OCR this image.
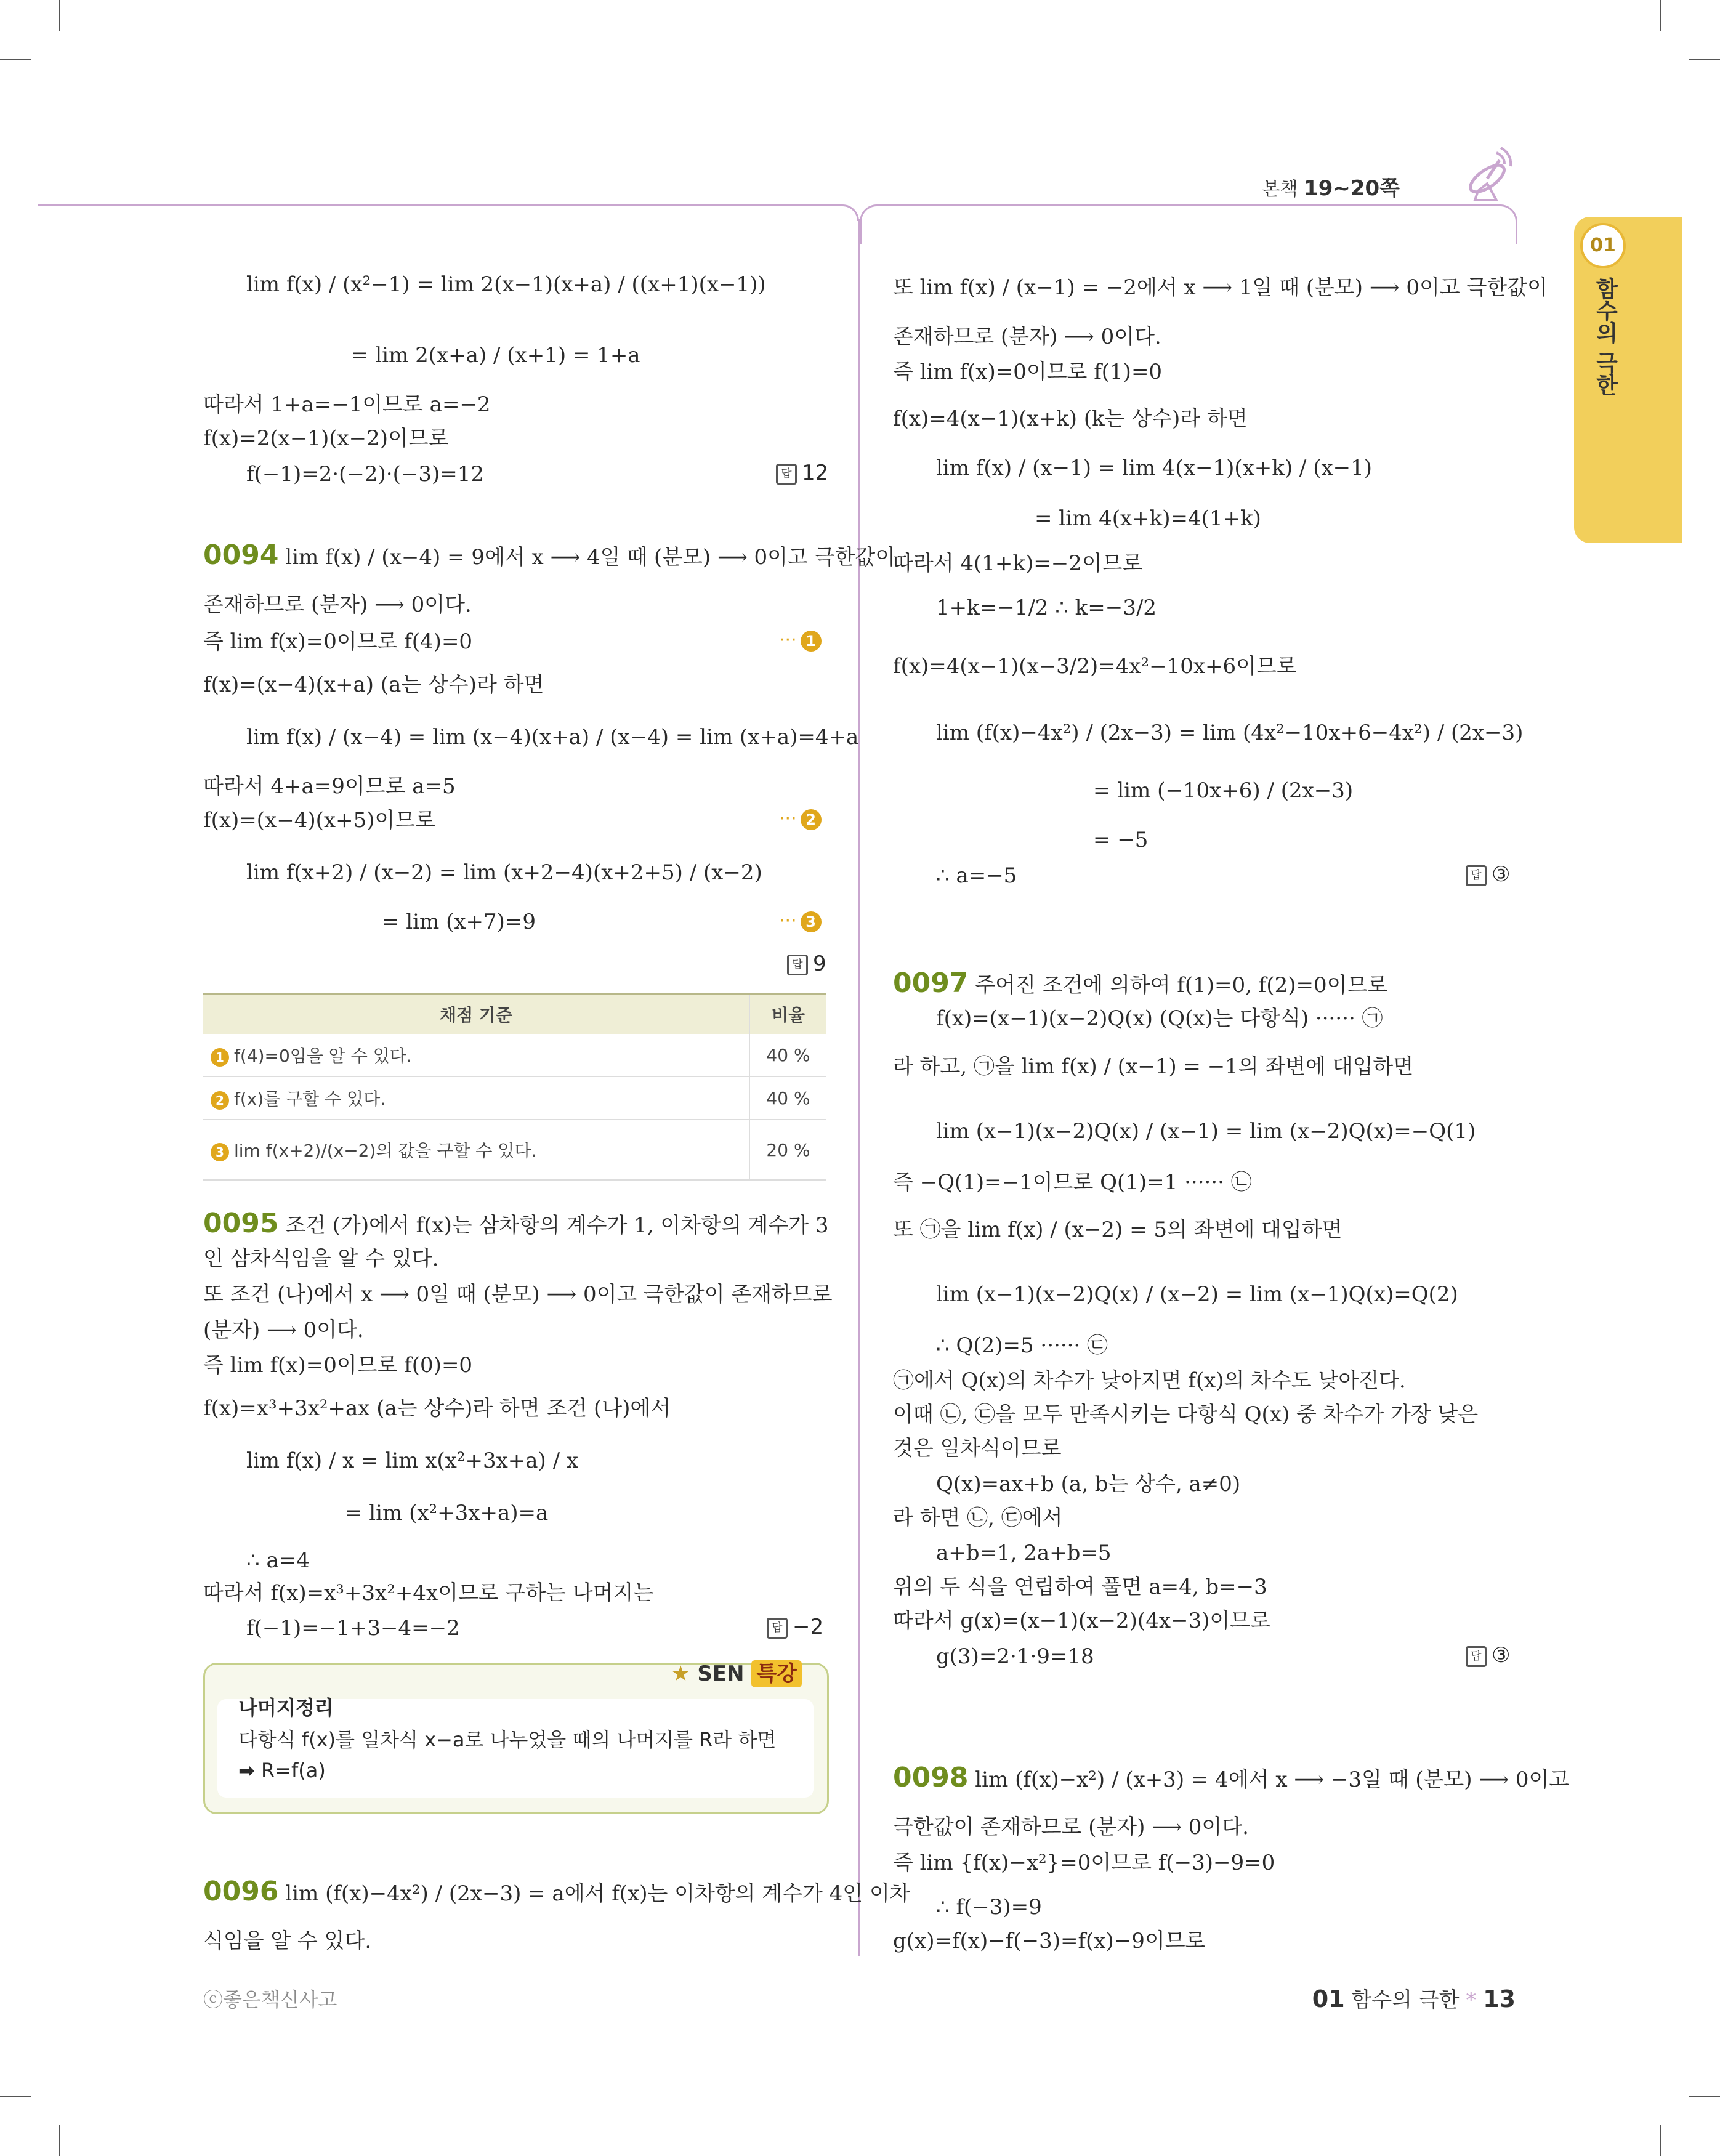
본책 19~20쪽
01
함수의 극한
lim f(x) / (x²−1) = lim 2(x−1)(x+a) / ((x+1)(x−1))
= lim 2(x+a) / (x+1) = 1+a
따라서 1+a=−1이므로 a=−2
f(x)=2(x−1)(x−2)이므로
f(−1)=2·(−2)·(−3)=12	답 12
0094 lim f(x) / (x−4) = 9에서 x ⟶ 4일 때 (분모) ⟶ 0이고 극한값이
존재하므로 (분자) ⟶ 0이다.
즉 lim f(x)=0이므로 f(4)=0	··· 1
f(x)=(x−4)(x+a) (a는 상수)라 하면
lim f(x) / (x−4) = lim (x−4)(x+a) / (x−4) = lim (x+a)=4+a
따라서 4+a=9이므로 a=5
f(x)=(x−4)(x+5)이므로	··· 2
lim f(x+2) / (x−2) = lim (x+2−4)(x+2+5) / (x−2)
= lim (x+7)=9	··· 3
답 9
채점 기준	비율
1 f(4)=0임을 알 수 있다.	40 %
2 f(x)를 구할 수 있다.	40 %
3 lim f(x+2)/(x−2)의 값을 구할 수 있다.	20 %
0095 조건 (가)에서 f(x)는 삼차항의 계수가 1, 이차항의 계수가 3
인 삼차식임을 알 수 있다.
또 조건 (나)에서 x ⟶ 0일 때 (분모) ⟶ 0이고 극한값이 존재하므로
(분자) ⟶ 0이다.
즉 lim f(x)=0이므로 f(0)=0
f(x)=x³+3x²+ax (a는 상수)라 하면 조건 (나)에서
lim f(x) / x = lim x(x²+3x+a) / x
= lim (x²+3x+a)=a
∴ a=4
따라서 f(x)=x³+3x²+4x이므로 구하는 나머지는
f(−1)=−1+3−4=−2	답 −2
나머지정리
다항식 f(x)를 일차식 x−a로 나누었을 때의 나머지를 R라 하면
➡ R=f(a)
★ SEN 특강
0096 lim (f(x)−4x²) / (2x−3) = a에서 f(x)는 이차항의 계수가 4인 이차
식임을 알 수 있다.
또 lim f(x) / (x−1) = −2에서 x ⟶ 1일 때 (분모) ⟶ 0이고 극한값이
존재하므로 (분자) ⟶ 0이다.
즉 lim f(x)=0이므로 f(1)=0
f(x)=4(x−1)(x+k) (k는 상수)라 하면
lim f(x) / (x−1) = lim 4(x−1)(x+k) / (x−1)
= lim 4(x+k)=4(1+k)
따라서 4(1+k)=−2이므로
1+k=−1/2 ∴ k=−3/2
f(x)=4(x−1)(x−3/2)=4x²−10x+6이므로
lim (f(x)−4x²) / (2x−3) = lim (4x²−10x+6−4x²) / (2x−3)
= lim (−10x+6) / (2x−3)
= −5
∴ a=−5	답 ③
0097 주어진 조건에 의하여 f(1)=0, f(2)=0이므로
f(x)=(x−1)(x−2)Q(x) (Q(x)는 다항식) ······ ㉠
라 하고, ㉠을 lim f(x) / (x−1) = −1의 좌변에 대입하면
lim (x−1)(x−2)Q(x) / (x−1) = lim (x−2)Q(x)=−Q(1)
즉 −Q(1)=−1이므로 Q(1)=1 ······ ㉡
또 ㉠을 lim f(x) / (x−2) = 5의 좌변에 대입하면
lim (x−1)(x−2)Q(x) / (x−2) = lim (x−1)Q(x)=Q(2)
∴ Q(2)=5 ······ ㉢
㉠에서 Q(x)의 차수가 낮아지면 f(x)의 차수도 낮아진다.
이때 ㉡, ㉢을 모두 만족시키는 다항식 Q(x) 중 차수가 가장 낮은
것은 일차식이므로
Q(x)=ax+b (a, b는 상수, a≠0)
라 하면 ㉡, ㉢에서
a+b=1, 2a+b=5
위의 두 식을 연립하여 풀면 a=4, b=−3
따라서 g(x)=(x−1)(x−2)(4x−3)이므로
g(3)=2·1·9=18	답 ③
0098 lim (f(x)−x²) / (x+3) = 4에서 x ⟶ −3일 때 (분모) ⟶ 0이고
극한값이 존재하므로 (분자) ⟶ 0이다.
즉 lim {f(x)−x²}=0이므로 f(−3)−9=0
∴ f(−3)=9
g(x)=f(x)−f(−3)=f(x)−9이므로
ⓒ좋은책신사고	01 함수의 극한 * 13
